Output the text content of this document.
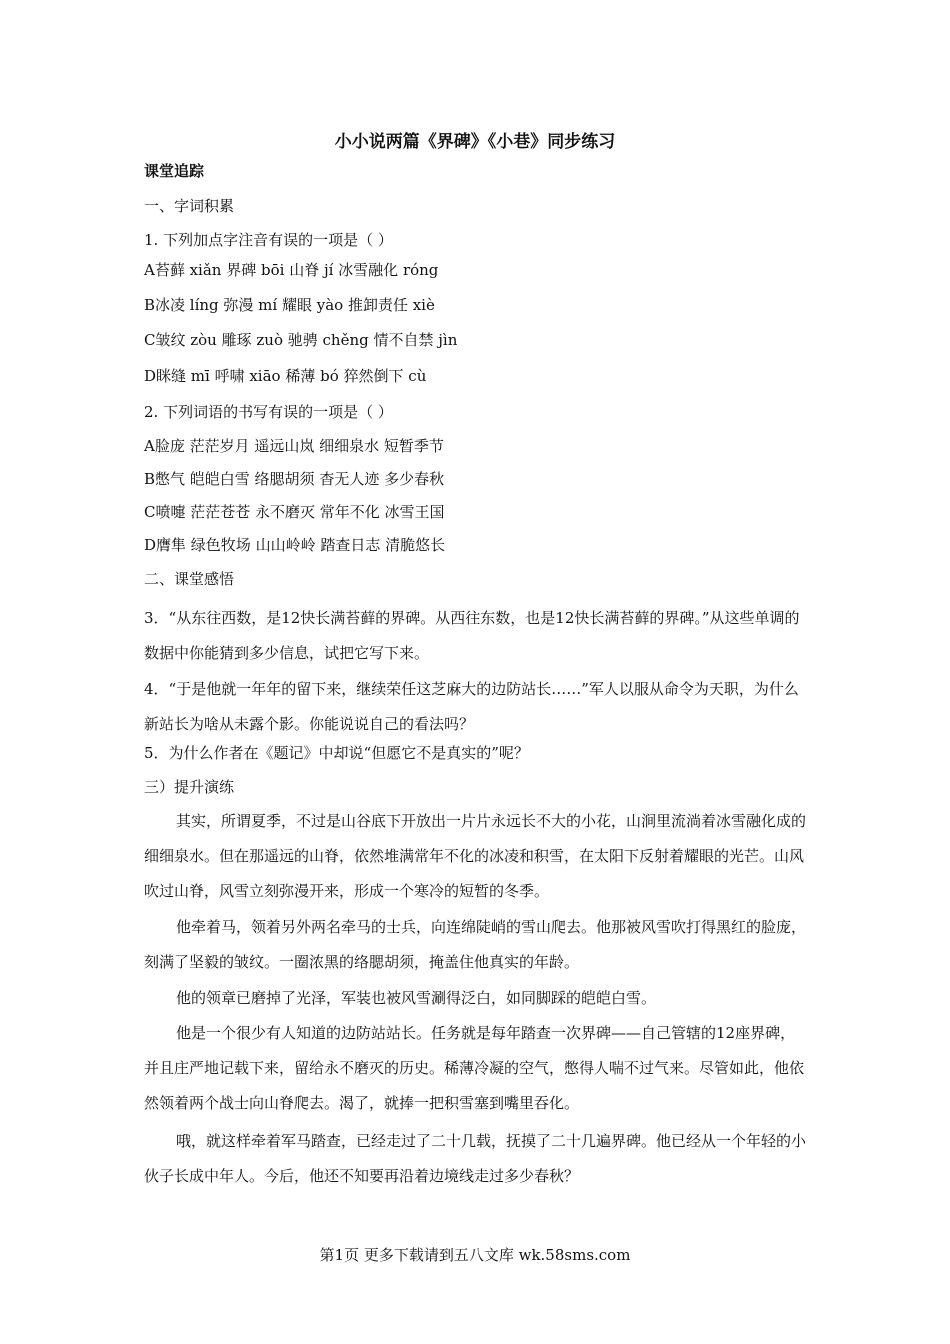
小小说两篇《界碑》《小巷》同步练习
课堂追踪
一、字词积累
1. 下列加点字注音有误的一项是（ ）
A苔藓 xiǎn 界碑 bōi 山脊 jí 冰雪融化 róng
B冰凌 líng 弥漫 mí 耀眼 yào 推卸责任 xiè
C皱纹 zòu 雕琢 zuò 驰骋 chěng 情不自禁 jìn
D眯缝 mī 呼啸 xiāo 稀薄 bó 猝然倒下 cù
2. 下列词语的书写有误的一项是（ ）
A脸庞 茫茫岁月 遥远山岚 细细泉水 短暂季节
B憋气 皑皑白雪 络腮胡须 杳无人迹 多少春秋
C喷嚏 茫茫苍苍 永不磨灭 常年不化 冰雪王国
D膺隼 绿色牧场 山山岭岭 踏查日志 清脆悠长
二、课堂感悟
3．“从东往西数，是12快长满苔藓的界碑。从西往东数，也是12快长满苔藓的界碑。”从这些单调的数据中你能猜到多少信息，试把它写下来。
4．“于是他就一年年的留下来，继续荣任这芝麻大的边防站长……”军人以服从命令为天职，为什么新站长为啥从未露个影。你能说说自己的看法吗？
5．为什么作者在《题记》中却说“但愿它不是真实的”呢？
三）提升演练
其实，所谓夏季，不过是山谷底下开放出一片片永远长不大的小花，山涧里流淌着冰雪融化成的细细泉水。但在那遥远的山脊，依然堆满常年不化的冰凌和积雪，在太阳下反射着耀眼的光芒。山风吹过山脊，风雪立刻弥漫开来，形成一个寒冷的短暂的冬季。
他牵着马，领着另外两名牵马的士兵，向连绵陡峭的雪山爬去。他那被风雪吹打得黑红的脸庞，刻满了坚毅的皱纹。一圈浓黑的络腮胡须，掩盖住他真实的年龄。
他的领章已磨掉了光泽，军装也被风雪涮得泛白，如同脚踩的皑皑白雪。
他是一个很少有人知道的边防站站长。任务就是每年踏查一次界碑——自己管辖的12座界碑，并且庄严地记载下来，留给永不磨灭的历史。稀薄冷凝的空气，憋得人喘不过气来。尽管如此，他依然领着两个战士向山脊爬去。渴了，就捧一把积雪塞到嘴里吞化。
哦，就这样牵着军马踏查，已经走过了二十几载，抚摸了二十几遍界碑。他已经从一个年轻的小伙子长成中年人。今后，他还不知要再沿着边境线走过多少春秋？
第1页 更多下载请到五八文库 wk.58sms.com
